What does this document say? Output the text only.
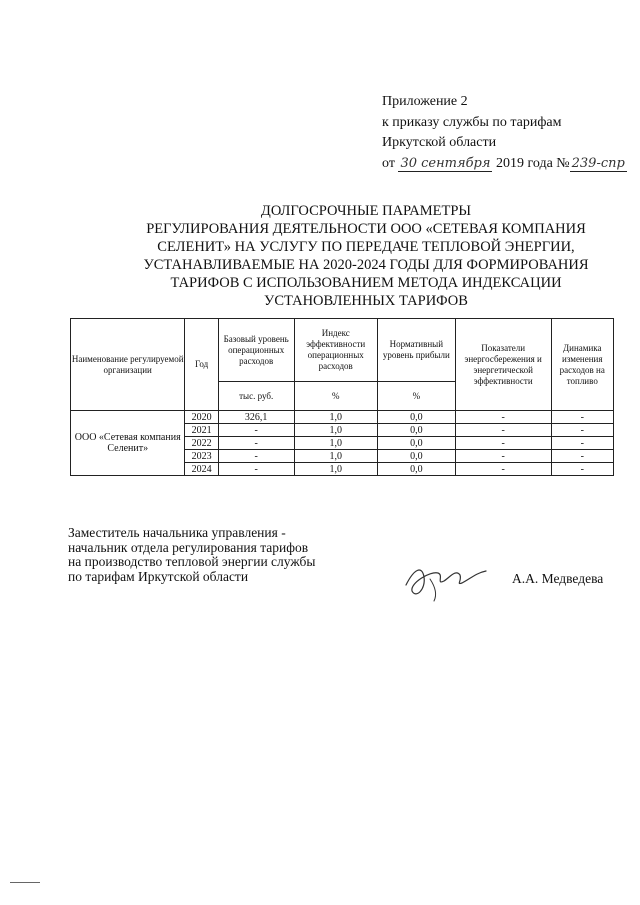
Приложение 2
к приказу службы по тарифам
Иркутской области
от 30 сентября 2019 года № 239-спр
ДОЛГОСРОЧНЫЕ ПАРАМЕТРЫ
РЕГУЛИРОВАНИЯ ДЕЯТЕЛЬНОСТИ ООО «СЕТЕВАЯ КОМПАНИЯ
СЕЛЕНИТ» НА УСЛУГУ ПО ПЕРЕДАЧЕ ТЕПЛОВОЙ ЭНЕРГИИ,
УСТАНАВЛИВАЕМЫЕ НА 2020-2024 ГОДЫ ДЛЯ ФОРМИРОВАНИЯ
ТАРИФОВ С ИСПОЛЬЗОВАНИЕМ МЕТОДА ИНДЕКСАЦИИ
УСТАНОВЛЕННЫХ ТАРИФОВ
Наименование регулируемой организации	Год	Базовый уровень операционных расходов	Индекс эффективности операционных расходов	Нормативный уровень прибыли	Показатели энергосбережения и энергетической эффективности	Динамика изменения расходов на топливо
		тыс. руб.	%	%		
ООО «Сетевая компания Селенит»	2020	326,1	1,0	0,0	-	-
	2021	-	1,0	0,0	-	-
	2022	-	1,0	0,0	-	-
	2023	-	1,0	0,0	-	-
	2024	-	1,0	0,0	-	-
Заместитель начальника управления -
начальник отдела регулирования тарифов
на производство тепловой энергии службы
по тарифам Иркутской области	А.А. Медведева
